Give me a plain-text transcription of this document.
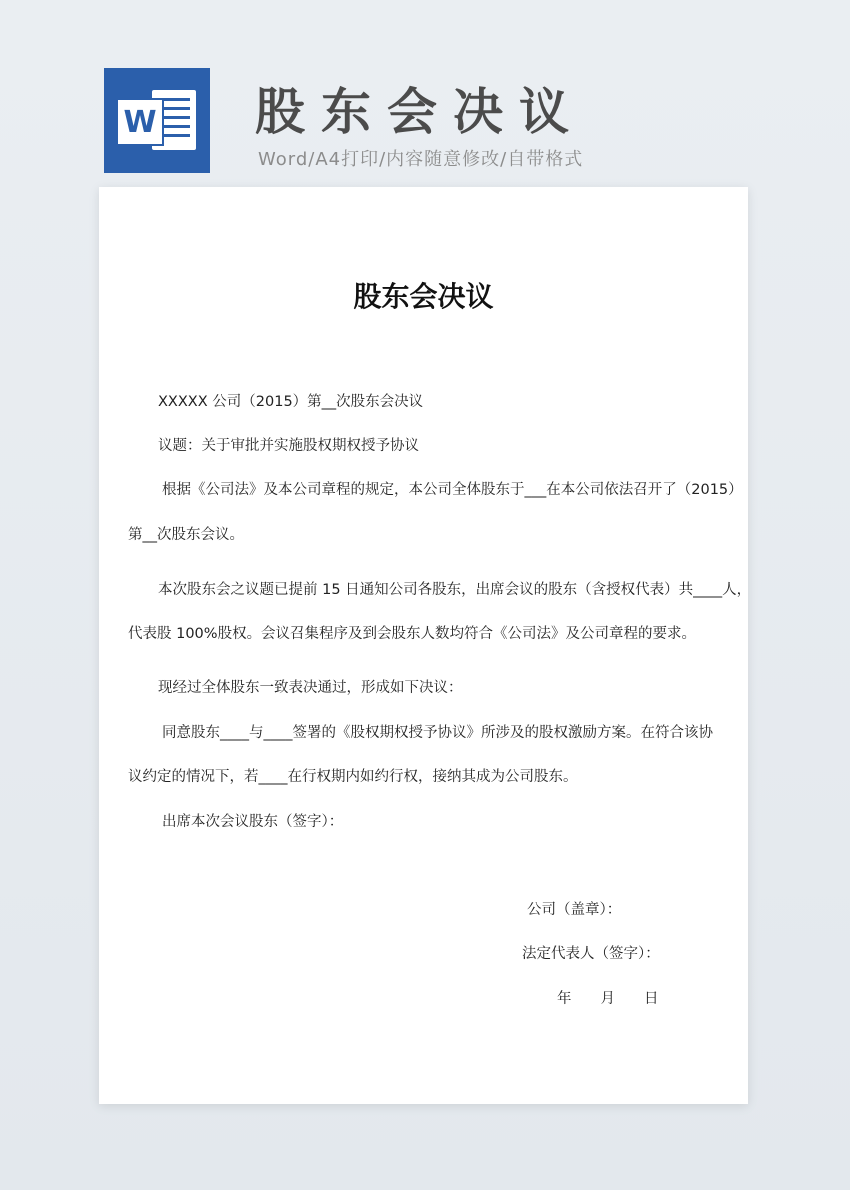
W 股东会决议
Word/A4打印/内容随意修改/自带格式
股东会决议
XXXXX 公司（2015）第__次股东会决议
议题：关于审批并实施股权期权授予协议
根据《公司法》及本公司章程的规定，本公司全体股东于___在本公司依法召开了（2015）
第__次股东会议。
本次股东会之议题已提前 15 日通知公司各股东，出席会议的股东（含授权代表）共____人，
代表股 100%股权。会议召集程序及到会股东人数均符合《公司法》及公司章程的要求。
现经过全体股东一致表决通过，形成如下决议：
同意股东____与____签署的《股权期权授予协议》所涉及的股权激励方案。在符合该协
议约定的情况下，若____在行权期内如约行权，接纳其成为公司股东。
出席本次会议股东（签字）：
公司（盖章）：
法定代表人（签字）：
年　　月　　日
